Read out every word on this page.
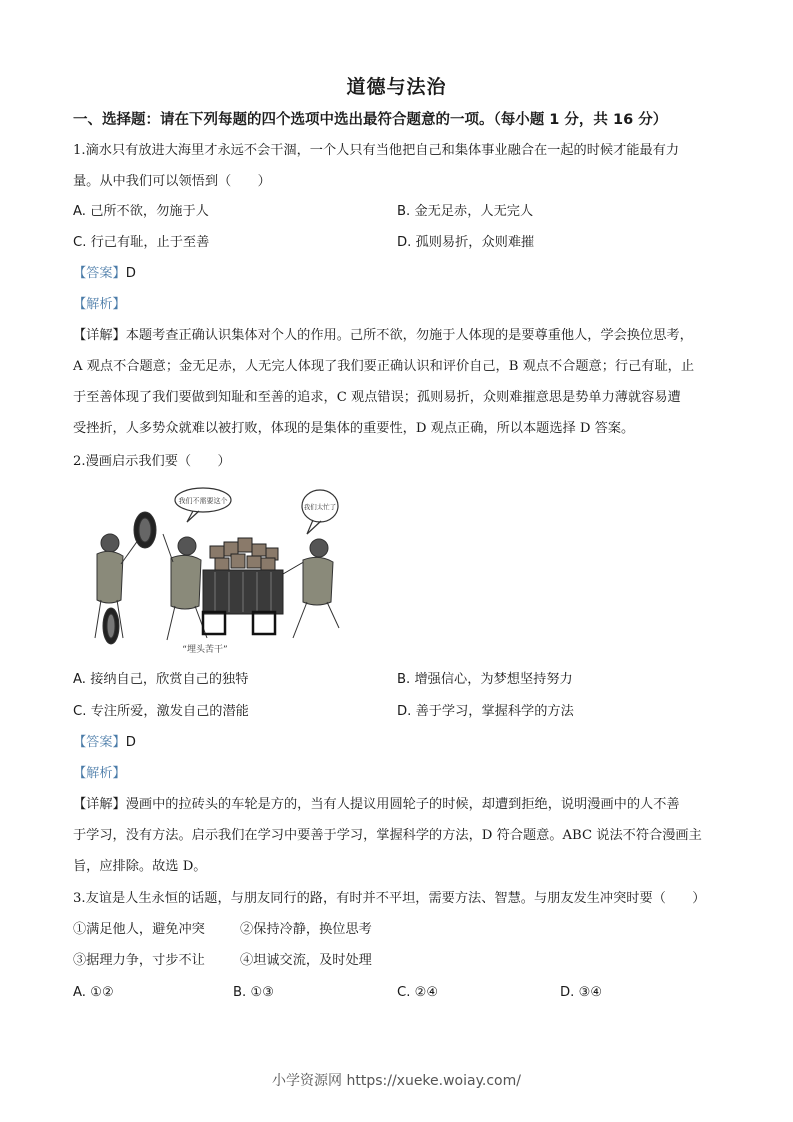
道德与法治
一、选择题：请在下列每题的四个选项中选出最符合题意的一项。（每小题 1 分，共 16 分）
1.滴水只有放进大海里才永远不会干涸，一个人只有当他把自己和集体事业融合在一起的时候才能最有力
量。从中我们可以领悟到（　　）
A. 己所不欲，勿施于人	B. 金无足赤，人无完人
C. 行己有耻，止于至善	D. 孤则易折，众则难摧
【答案】D
【解析】
【详解】本题考查正确认识集体对个人的作用。己所不欲，勿施于人体现的是要尊重他人，学会换位思考，
A 观点不合题意；金无足赤，人无完人体现了我们要正确认识和评价自己，B 观点不合题意；行己有耻，止
于至善体现了我们要做到知耻和至善的追求，C 观点错误；孤则易折，众则难摧意思是势单力薄就容易遭
受挫折，人多势众就难以被打败，体现的是集体的重要性，D 观点正确，所以本题选择 D 答案。
2.漫画启示我们要（　　）
我们不需要这个
我们太忙了
“埋头苦干”
A. 接纳自己，欣赏自己的独特	B. 增强信心，为梦想坚持努力
C. 专注所爱，激发自己的潜能	D. 善于学习，掌握科学的方法
【答案】D
【解析】
【详解】漫画中的拉砖头的车轮是方的，当有人提议用圆轮子的时候，却遭到拒绝，说明漫画中的人不善
于学习，没有方法。启示我们在学习中要善于学习，掌握科学的方法，D 符合题意。ABC 说法不符合漫画主
旨，应排除。故选 D。
3.友谊是人生永恒的话题，与朋友同行的路，有时并不平坦，需要方法、智慧。与朋友发生冲突时要（　　）
①满足他人，避免冲突	②保持冷静，换位思考
③据理力争，寸步不让	④坦诚交流，及时处理
A. ①②	B. ①③	C. ②④	D. ③④
小学资源网 https://xueke.woiay.com/
